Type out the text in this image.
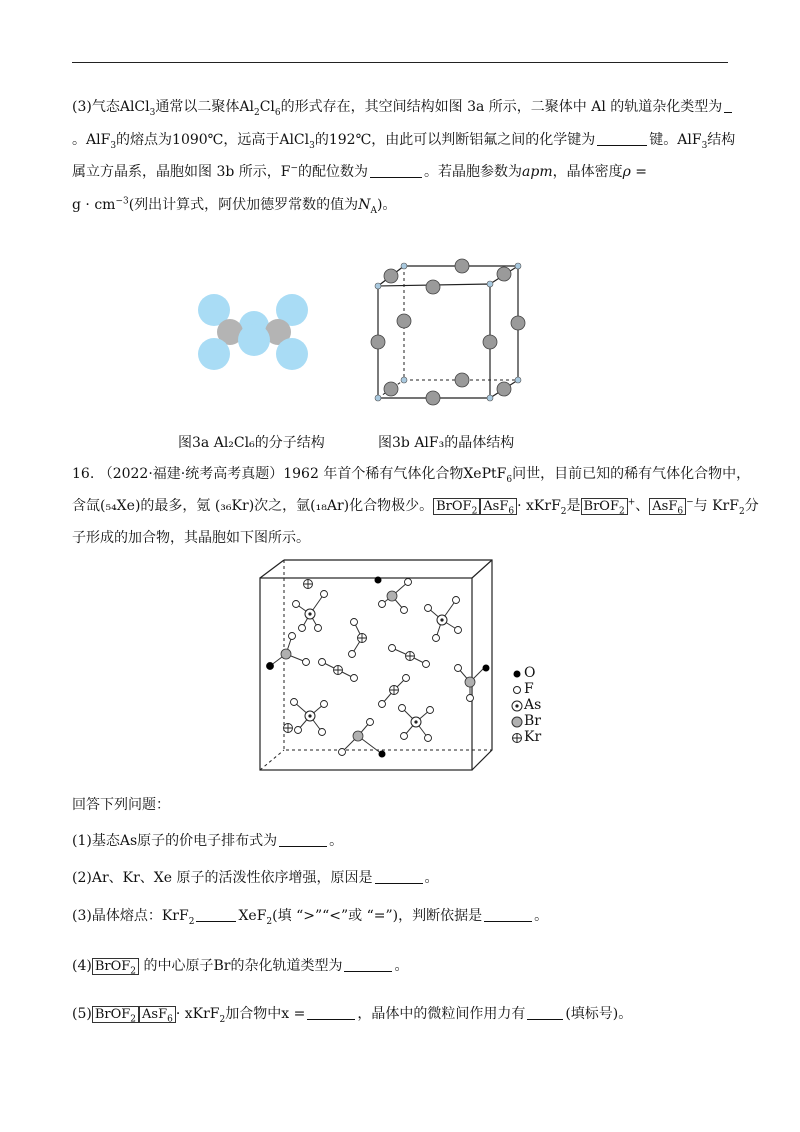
(3)气态AlCl$_3$通常以二聚体$Al_2Cl_6$的形式存在，其空间结构如图 3a 所示，二聚体中 Al 的轨道杂化类型为
。AlF$_3$的熔点为1090℃，远高于AlCl$_3$的192℃，由此可以判断铝氟之间的化学键为	键。AlF$_3$结构
属立方晶系，晶胞如图 3b 所示，F−的配位数为	。若晶胞参数为apm，晶体密度ρ =
$g \cdot cm^{-3}$(列出计算式，阿伏加德罗常数的值为$N_A$)。
图3a Al₂Cl₆的分子结构	图3b AlF₃的晶体结构
16. （2022·福建·统考高考真题）1962 年首个稀有气体化合物XePtF$_6$问世，目前已知的稀有气体化合物中，
含氙(₅₄Xe)的最多，氪 (₃₆Kr)次之，氩(₁₈Ar)化合物极少。 BrOF$_2$ AsF$_6$ · xKrF$_2$是 BrOF$_2$+、 AsF$_6$−与 KrF$_2$分
子形成的加合物，其晶胞如下图所示。
O
F
As
Br
Kr
回答下列问题：
(1)基态As原子的价电子排布式为	。
(2)Ar、Kr、Xe 原子的活泼性依序增强，原因是	。
(3)晶体熔点：KrF$_2$	XeF$_2$(填 “>”“<”或 “=”)，判断依据是	。
(4) BrOF$_2$ 的中心原子Br的杂化轨道类型为	。
(5) BrOF$_2$ AsF$_6$ · xKrF$_2$加合物中x =	，晶体中的微粒间作用力有	(填标号)。
